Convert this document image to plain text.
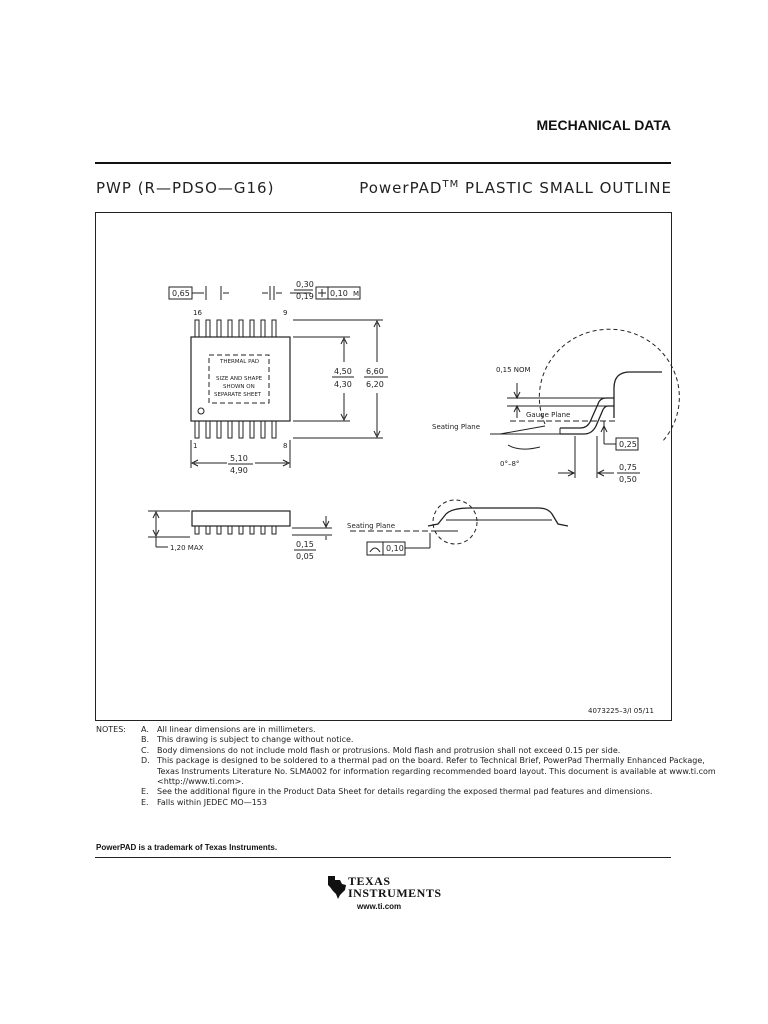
MECHANICAL DATA
PWP (R—PDSO—G16)	PowerPAD™ PLASTIC SMALL OUTLINE
0,65
16	9
1	8
0,30
0,19 0,10 M
THERMAL PAD
SIZE AND SHAPE
SHOWN ON
SEPARATE SHEET
4,50
4,30
6,60
6,20
5,10
4,90
0,15 NOM
Gauge Plane
Seating Plane
0°–8°
0,25
0,75
0,50
1,20 MAX	0,15
0,05
Seating Plane
0,10
4073225–3/I 05/11
NOTES: A.	All linear dimensions are in millimeters.
B. This drawing is subject to change without notice.
C. Body dimensions do not include mold flash or protrusions. Mold flash and protrusion shall not exceed 0.15 per side.
D. This package is designed to be soldered to a thermal pad on the board. Refer to Technical Brief, PowerPad Thermally Enhanced Package, Texas Instruments Literature No. SLMA002 for information regarding recommended board layout. This document is available at www.ti.com <http://www.ti.com>.
E.	See the additional figure in the Product Data Sheet for details regarding the exposed thermal pad features and dimensions.
E.	Falls within JEDEC MO—153
PowerPAD is a trademark of Texas Instruments.
TEXAS
INSTRUMENTS
www.ti.com
